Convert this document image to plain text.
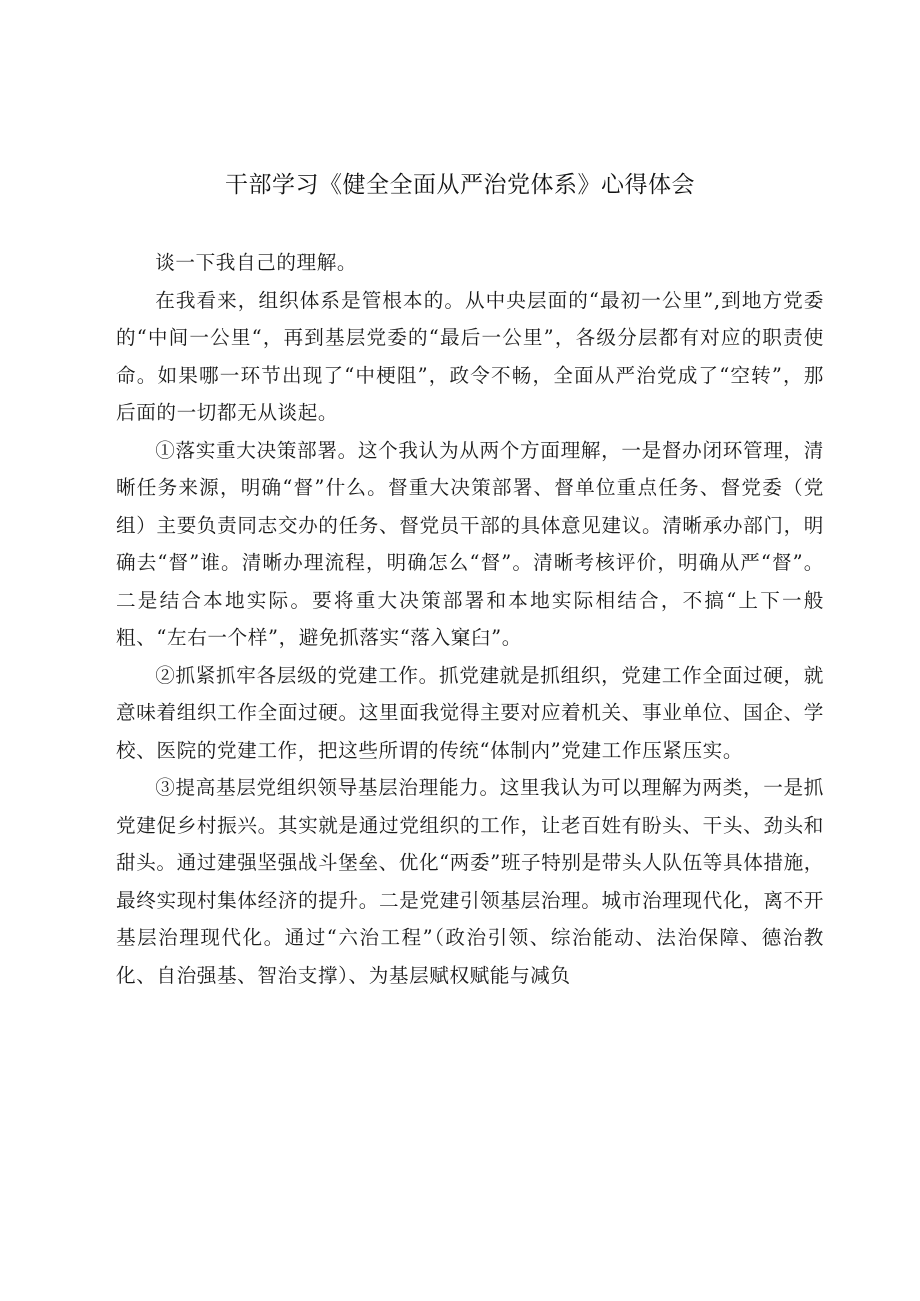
干部学习《健全全面从严治党体系》心得体会

谈一下我自己的理解。

在我看来，组织体系是管根本的。从中央层面的“最初一公里”,到地方党委的“中间一公里“，再到基层党委的“最后一公里”，各级分层都有对应的职责使命。如果哪一环节出现了“中梗阻”，政令不畅，全面从严治党成了“空转”，那后面的一切都无从谈起。

①落实重大决策部署。这个我认为从两个方面理解，一是督办闭环管理，清晰任务来源，明确“督”什么。督重大决策部署、督单位重点任务、督党委（党组）主要负责同志交办的任务、督党员干部的具体意见建议。清晰承办部门，明确去“督”谁。清晰办理流程，明确怎么“督”。清晰考核评价，明确从严“督”。二是结合本地实际。要将重大决策部署和本地实际相结合，不搞“上下一般粗、“左右一个样”，避免抓落实“落入窠臼”。

②抓紧抓牢各层级的党建工作。抓党建就是抓组织，党建工作全面过硬，就意味着组织工作全面过硬。这里面我觉得主要对应着机关、事业单位、国企、学校、医院的党建工作，把这些所谓的传统“体制内”党建工作压紧压实。

③提高基层党组织领导基层治理能力。这里我认为可以理解为两类，一是抓党建促乡村振兴。其实就是通过党组织的工作，让老百姓有盼头、干头、劲头和甜头。通过建强坚强战斗堡垒、优化“两委”班子特别是带头人队伍等具体措施，最终实现村集体经济的提升。二是党建引领基层治理。城市治理现代化，离不开基层治理现代化。通过“六治工程”（政治引领、综治能动、法治保障、德治教化、自治强基、智治支撑）、为基层赋权赋能与减负
